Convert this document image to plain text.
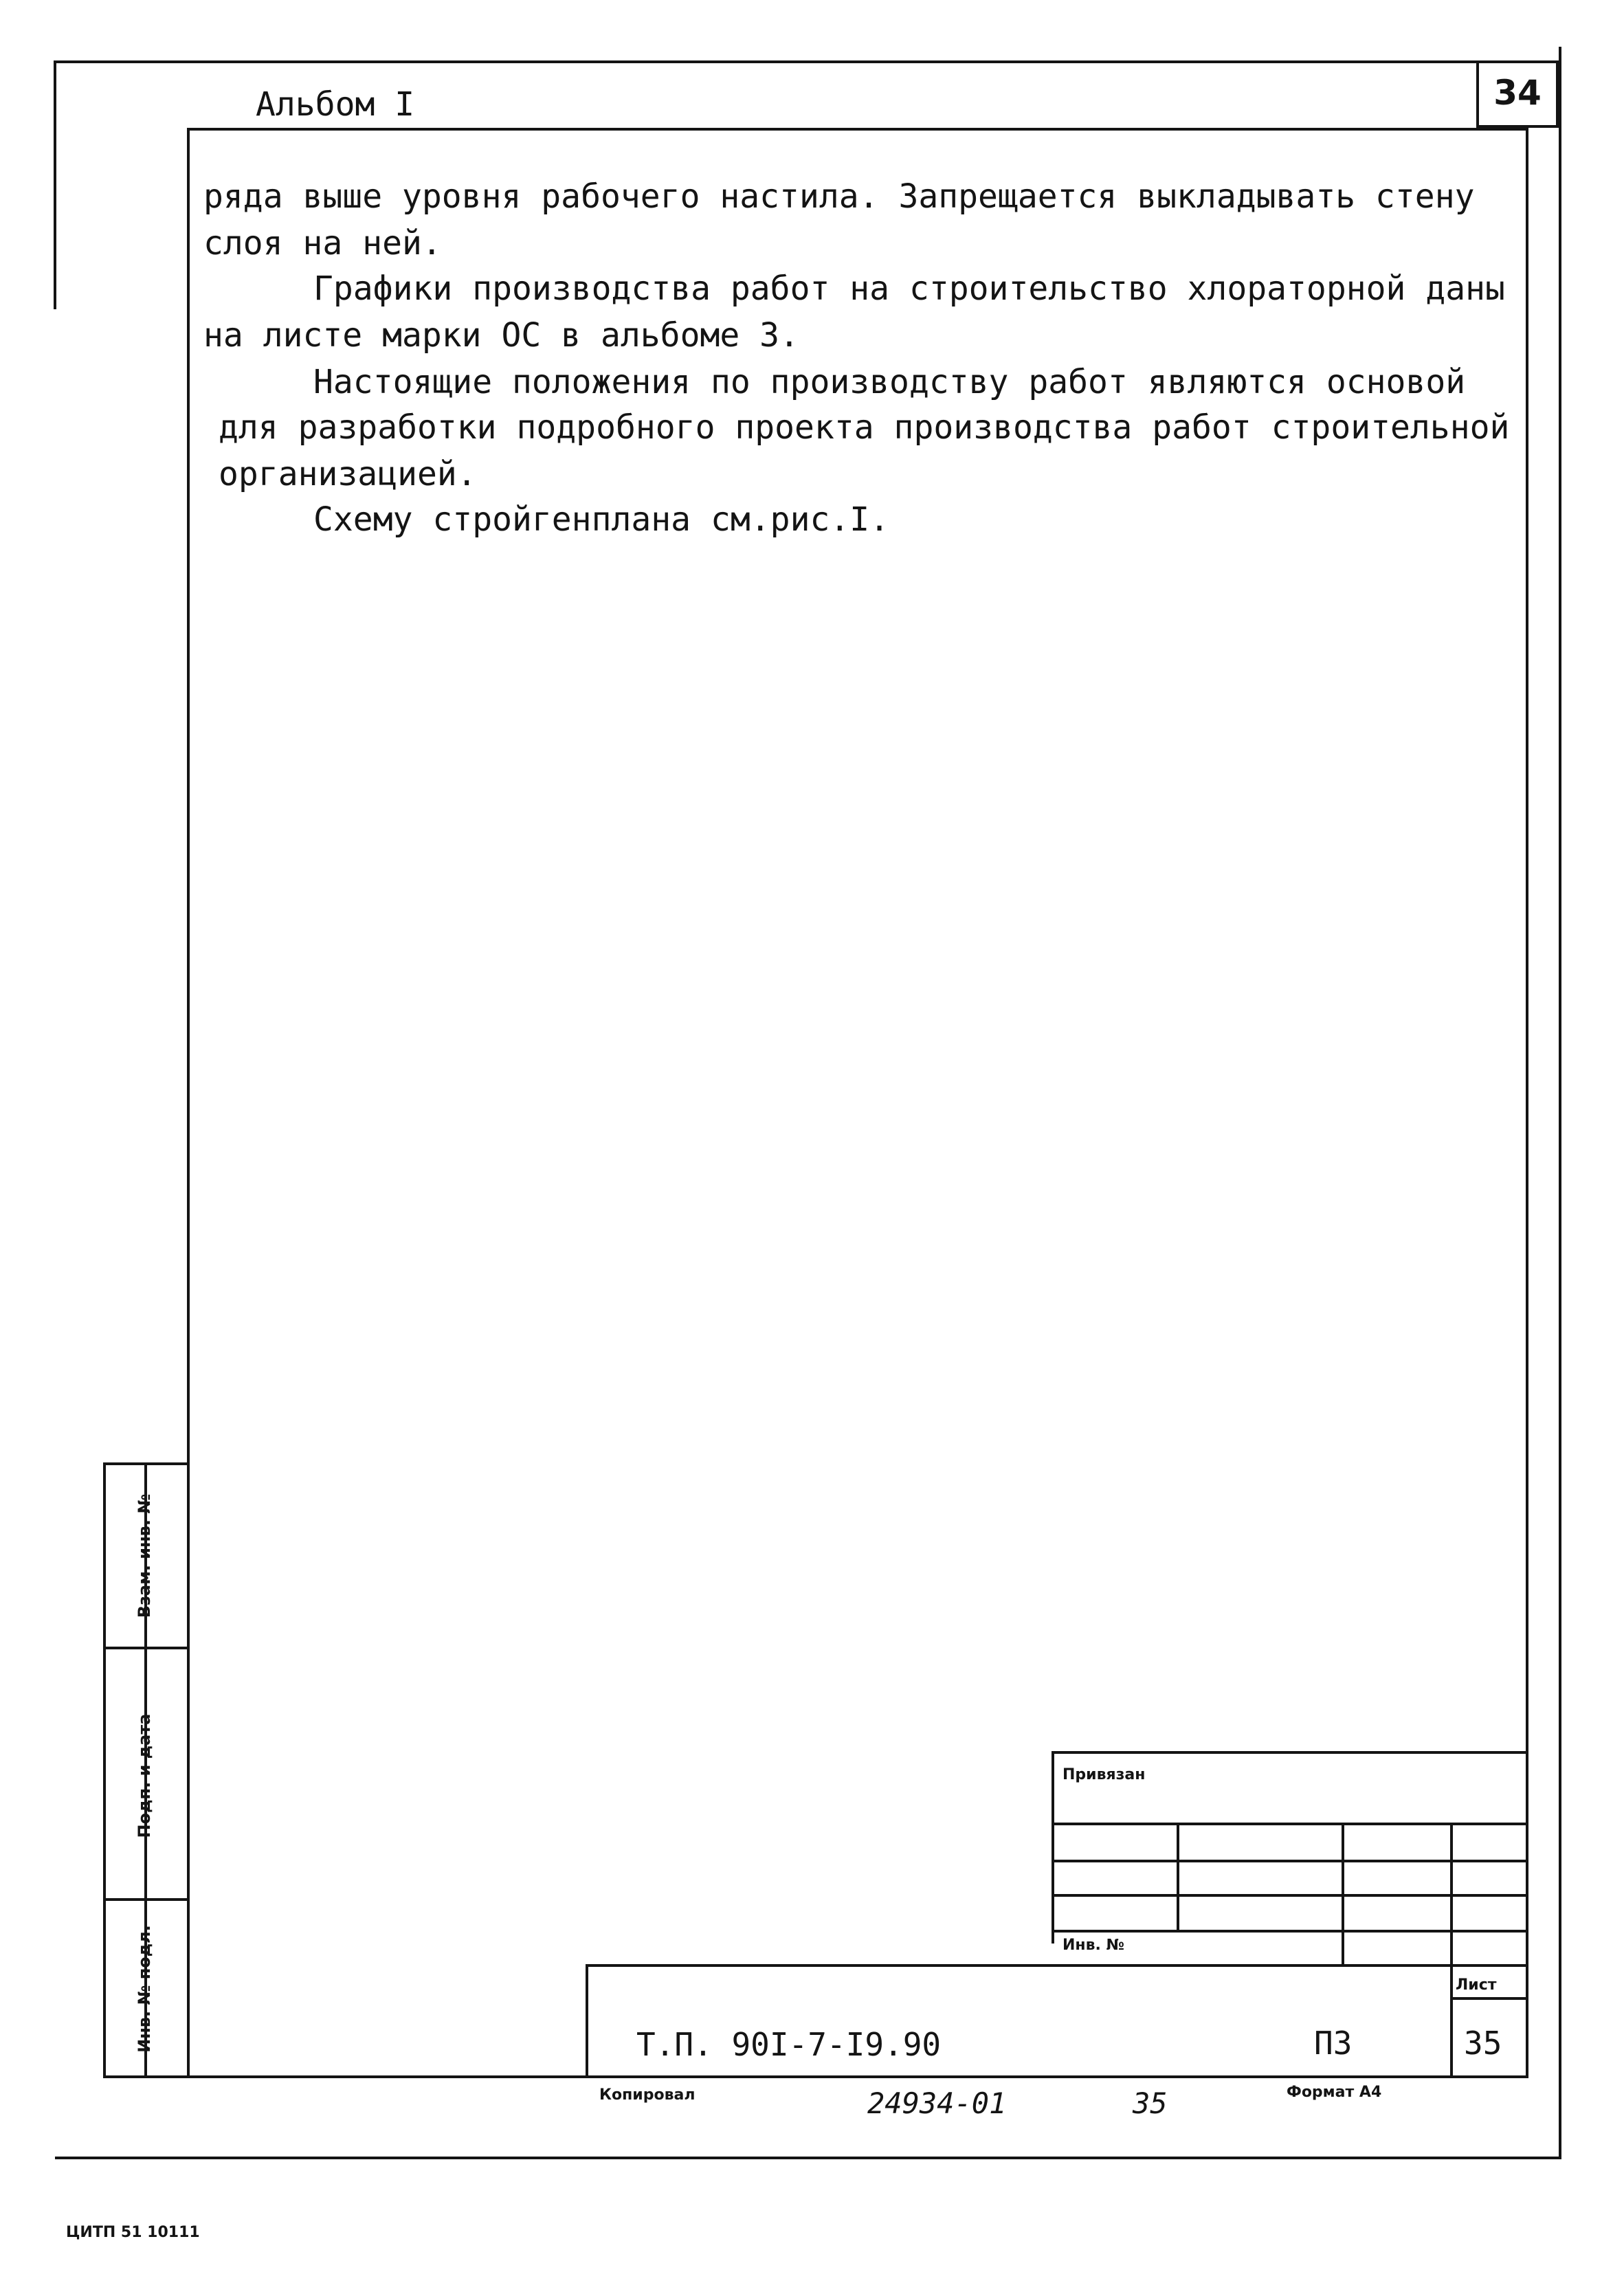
Альбом I	34
ряда выше уровня рабочего настила. Запрещается выкладывать стену
слоя на ней.
Графики производства работ на строительство хлораторной даны
на листе марки ОС в альбоме 3.
Настоящие положения по производству работ являются основой
для разработки подробного проекта производства работ строительной
организацией.
Схему стройгенплана см.рис.I.
Взам. инв. №
Подп. и дата
Инв. № подл.
Привязан
Инв. №
Лист
Т.П. 90I-7-I9.90	ПЗ	35
Копировал	24934-01	35	Формат А4
ЦИТП 51 10111
